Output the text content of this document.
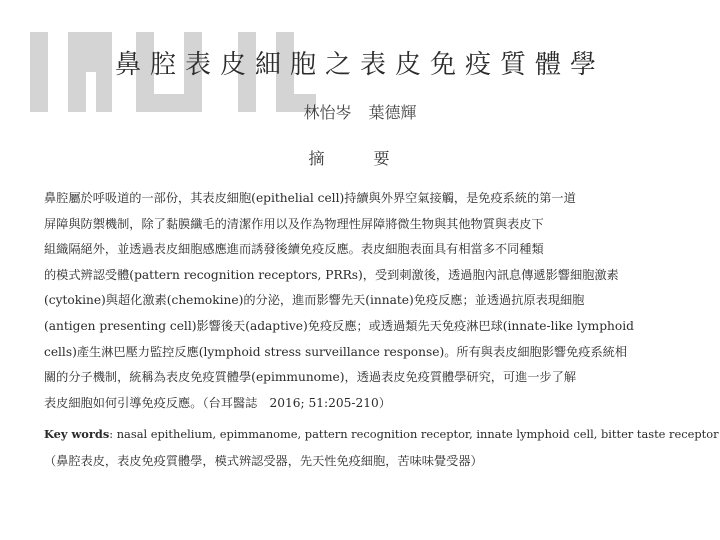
鼻腔表皮細胞之表皮免疫質體學
林怡岑 葉德輝
摘 要

鼻腔屬於呼吸道的一部份，其表皮細胞(epithelial cell)持續與外界空氣接觸，是免疫系統的第一道
屏障與防禦機制，除了黏膜纖毛的清潔作用以及作為物理性屏障將微生物與其他物質與表皮下
組織隔絕外，並透過表皮細胞感應進而誘發後續免疫反應。表皮細胞表面具有相當多不同種類
的模式辨認受體(pattern recognition receptors, PRRs)，受到刺激後，透過胞內訊息傳遞影響細胞激素
(cytokine)與超化激素(chemokine)的分泌，進而影響先天(innate)免疫反應；並透過抗原表現細胞
(antigen presenting cell)影響後天(adaptive)免疫反應；或透過類先天免疫淋巴球(innate-like lymphoid
cells)產生淋巴壓力監控反應(lymphoid stress surveillance response)。所有與表皮細胞影響免疫系統相
關的分子機制，統稱為表皮免疫質體學(epimmunome)，透過表皮免疫質體學研究，可進一步了解
表皮細胞如何引導免疫反應。（台耳醫誌　2016; 51:205-210）

Key words: nasal epithelium, epimmanome, pattern recognition receptor, innate lymphoid cell, bitter taste receptor
（鼻腔表皮，表皮免疫質體學，模式辨認受器，先天性免疫細胞，苦味味覺受器）
